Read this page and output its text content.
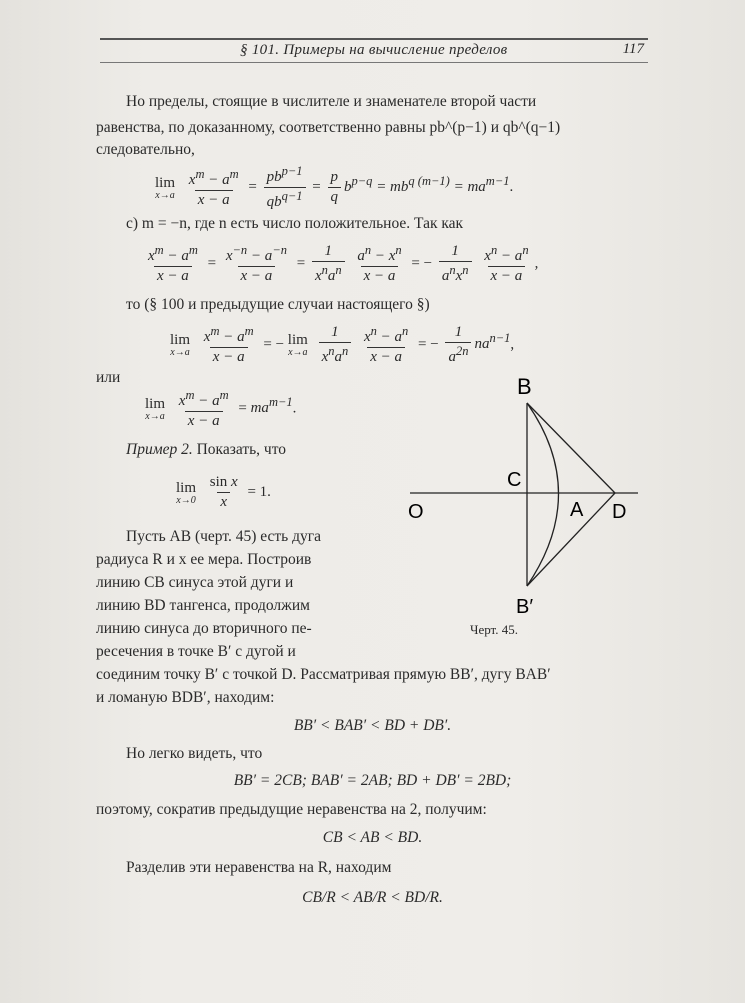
§ 101. Примеры на вычисление пределов	117
Но пределы, стоящие в числителе и знаменателе второй части
равенства, по доказанному, соответственно равны pb^(p−1) и qb^(q−1)
следовательно,
lim
x→a
$\frac{x^m - a^m}{x - a} = \frac{pb^{p-1}}{qb^{q-1}} = \frac{p}{q} b^{p-q} = mb^{q (m-1)} = ma^{m-1}$.
c) m = −n, где n есть число положительное. Так как
$\frac{x^m - a^m}{x - a} = \frac{x^{-n} - a^{-n}}{x - a} = \frac{1}{x^na^n}$
$\frac{a^n - x^n}{x - a}$ = − $\frac{1}{a^nx^n}$
$\frac{x^n - a^n}{x - a}$ ,
то (§ 100 и предыдущие случаи настоящего §)
lim
x→a
$\frac{x^m - a^m}{x - a}$ = − lim
x→a
$\frac{1}{x^na^n}$
$\frac{x^n - a^n}{x - a}$ = − $\frac{1}{a^{2n}} na^{n-1}$,
или
lim
x→a
$\frac{x^m - a^m}{x - a} = ma^{m-1}$.
Пример 2. Показать, что
lim
x→0
$\frac{\text{sin x}}{x} = 1$.
Пусть AB (черт. 45) есть дуга
радиуса R и x ее мера. Построив
линию CB синуса этой дуги и
линию BD тангенса, продолжим
линию синуса до вторичного пе-
ресечения в точке B′ с дугой и
соединим точку B′ с точкой D. Рассматривая прямую BB′, дугу BAB′
и ломаную BDB′, находим:
BB′ < BAB′ < BD + DB′.
Но легко видеть, что
BB′ = 2CB; BAB′ = 2AB; BD + DB′ = 2BD;
поэтому, сократив предыдущие неравенства на 2, получим:
CB < AB < BD.
Разделив эти неравенства на R, находим
CB/R < AB/R < BD/R.
B
C
O	A D
B′
Черт. 45.
